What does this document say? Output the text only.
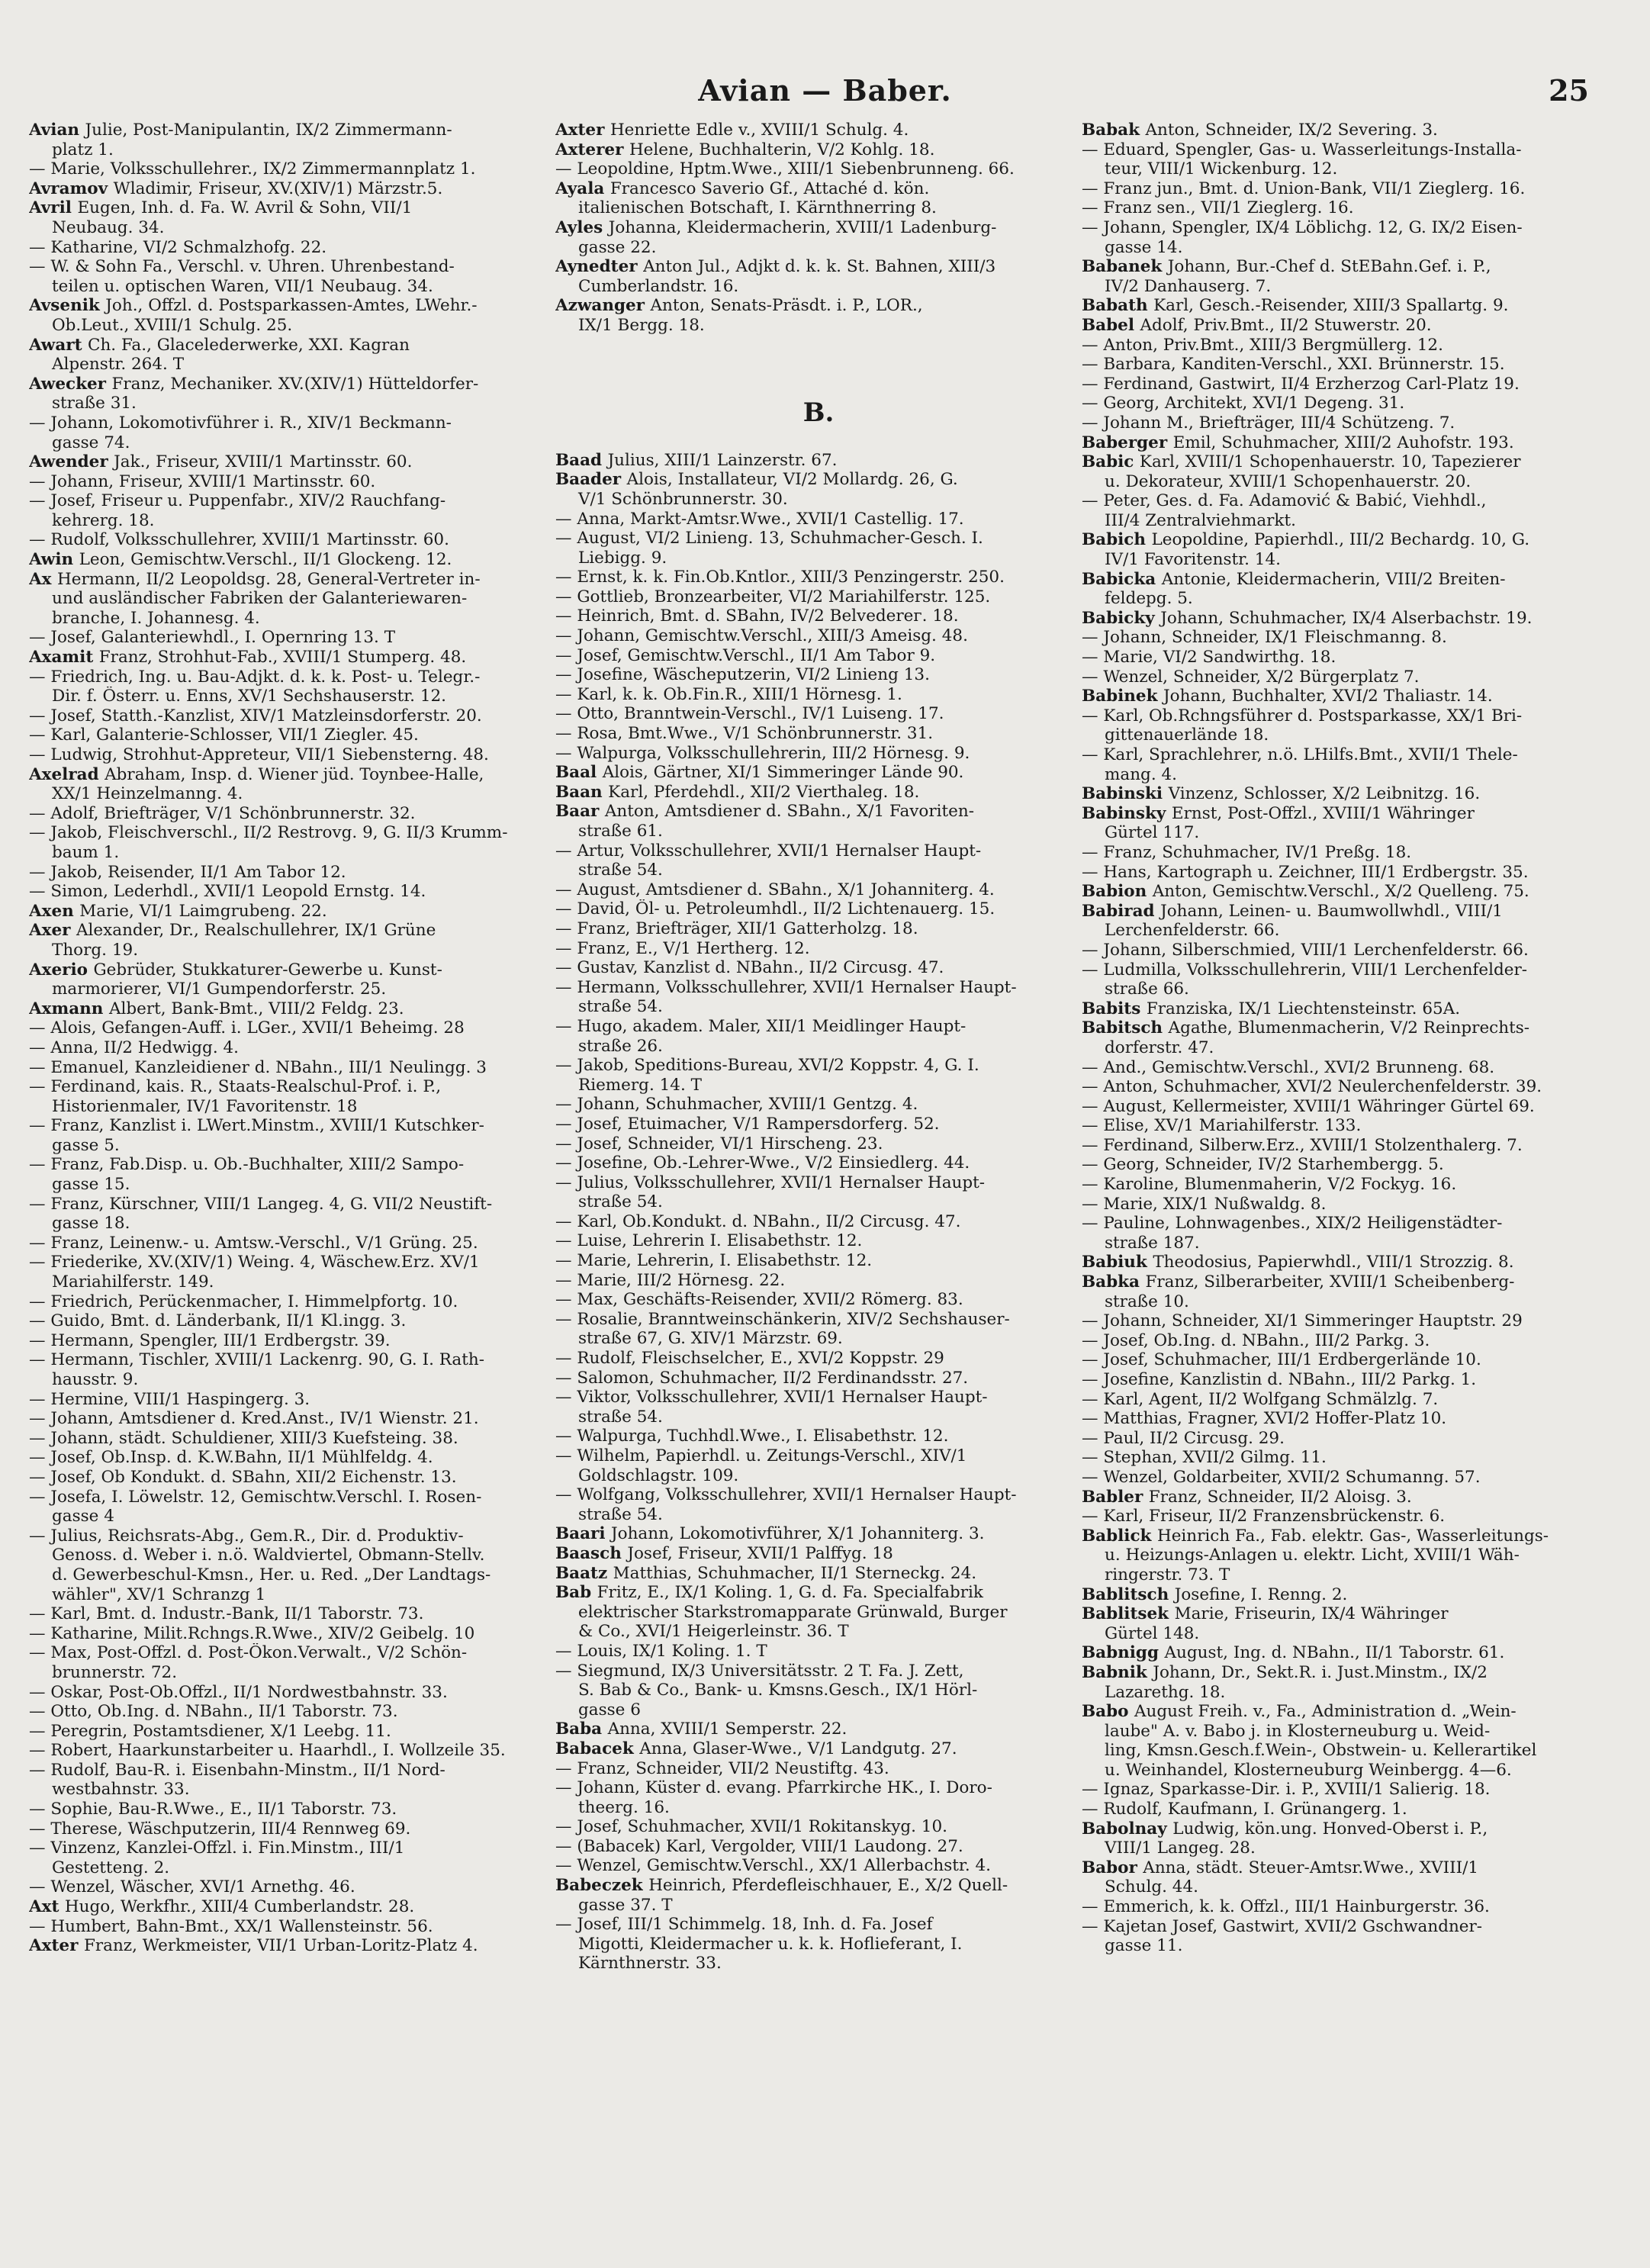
Avian — Baber.	25
Avian Julie, Post-Manipulantin, IX/2 Zimmermann-
platz 1.
— Marie, Volksschullehrer., IX/2 Zimmermannplatz 1.
Avramov Wladimir, Friseur, XV.(XIV/1) Märzstr.5.
Avril Eugen, Inh. d. Fa. W. Avril & Sohn, VII/1
Neubaug. 34.
— Katharine, VI/2 Schmalzhofg. 22.
— W. & Sohn Fa., Verschl. v. Uhren. Uhrenbestand-
teilen u. optischen Waren, VII/1 Neubaug. 34.
Avsenik Joh., Offzl. d. Postsparkassen-Amtes, LWehr.-
Ob.Leut., XVIII/1 Schulg. 25.
Awart Ch. Fa., Glacelederwerke, XXI. Kagran
Alpenstr. 264. T
Awecker Franz, Mechaniker. XV.(XIV/1) Hütteldorfer-
straße 31.
— Johann, Lokomotivführer i. R., XIV/1 Beckmann-
gasse 74.
Awender Jak., Friseur, XVIII/1 Martinsstr. 60.
— Johann, Friseur, XVIII/1 Martinsstr. 60.
— Josef, Friseur u. Puppenfabr., XIV/2 Rauchfang-
kehrerg. 18.
— Rudolf, Volksschullehrer, XVIII/1 Martinsstr. 60.
Awin Leon, Gemischtw.Verschl., II/1 Glockeng. 12.
Ax Hermann, II/2 Leopoldsg. 28, General-Vertreter in-
und ausländischer Fabriken der Galanteriewaren-
branche, I. Johannesg. 4.
— Josef, Galanteriewhdl., I. Opernring 13. T
Axamit Franz, Strohhut-Fab., XVIII/1 Stumperg. 48.
— Friedrich, Ing. u. Bau-Adjkt. d. k. k. Post- u. Telegr.-
Dir. f. Österr. u. Enns, XV/1 Sechshauserstr. 12.
— Josef, Statth.-Kanzlist, XIV/1 Matzleinsdorferstr. 20.
— Karl, Galanterie-Schlosser, VII/1 Ziegler. 45.
— Ludwig, Strohhut-Appreteur, VII/1 Siebensterng. 48.
Axelrad Abraham, Insp. d. Wiener jüd. Toynbee-Halle,
XX/1 Heinzelmanng. 4.
— Adolf, Briefträger, V/1 Schönbrunnerstr. 32.
— Jakob, Fleischverschl., II/2 Restrovg. 9, G. II/3 Krumm-
baum 1.
— Jakob, Reisender, II/1 Am Tabor 12.
— Simon, Lederhdl., XVII/1 Leopold Ernstg. 14.
Axen Marie, VI/1 Laimgrubeng. 22.
Axer Alexander, Dr., Realschullehrer, IX/1 Grüne
Thorg. 19.
Axerio Gebrüder, Stukkaturer-Gewerbe u. Kunst-
marmorierer, VI/1 Gumpendorferstr. 25.
Axmann Albert, Bank-Bmt., VIII/2 Feldg. 23.
— Alois, Gefangen-Auff. i. LGer., XVII/1 Beheimg. 28
— Anna, II/2 Hedwigg. 4.
— Emanuel, Kanzleidiener d. NBahn., III/1 Neulingg. 3
— Ferdinand, kais. R., Staats-Realschul-Prof. i. P.,
Historienmaler, IV/1 Favoritenstr. 18
— Franz, Kanzlist i. LWert.Minstm., XVIII/1 Kutschker-
gasse 5.
— Franz, Fab.Disp. u. Ob.-Buchhalter, XIII/2 Sampo-
gasse 15.
— Franz, Kürschner, VIII/1 Langeg. 4, G. VII/2 Neustift-
gasse 18.
— Franz, Leinenw.- u. Amtsw.-Verschl., V/1 Grüng. 25.
— Friederike, XV.(XIV/1) Weing. 4, Wäschew.Erz. XV/1
Mariahilferstr. 149.
— Friedrich, Perückenmacher, I. Himmelpfortg. 10.
— Guido, Bmt. d. Länderbank, II/1 Kl.ingg. 3.
— Hermann, Spengler, III/1 Erdbergstr. 39.
— Hermann, Tischler, XVIII/1 Lackenrg. 90, G. I. Rath-
hausstr. 9.
— Hermine, VIII/1 Haspingerg. 3.
— Johann, Amtsdiener d. Kred.Anst., IV/1 Wienstr. 21.
— Johann, städt. Schuldiener, XIII/3 Kuefsteing. 38.
— Josef, Ob.Insp. d. K.W.Bahn, II/1 Mühlfeldg. 4.
— Josef, Ob Kondukt. d. SBahn, XII/2 Eichenstr. 13.
— Josefa, I. Löwelstr. 12, Gemischtw.Verschl. I. Rosen-
gasse 4
— Julius, Reichsrats-Abg., Gem.R., Dir. d. Produktiv-
Genoss. d. Weber i. n.ö. Waldviertel, Obmann-Stellv.
d. Gewerbeschul-Kmsn., Her. u. Red. „Der Landtags-
wähler", XV/1 Schranzg 1
— Karl, Bmt. d. Industr.-Bank, II/1 Taborstr. 73.
— Katharine, Milit.Rchngs.R.Wwe., XIV/2 Geibelg. 10
— Max, Post-Offzl. d. Post-Ökon.Verwalt., V/2 Schön-
brunnerstr. 72.
— Oskar, Post-Ob.Offzl., II/1 Nordwestbahnstr. 33.
— Otto, Ob.Ing. d. NBahn., II/1 Taborstr. 73.
— Peregrin, Postamtsdiener, X/1 Leebg. 11.
— Robert, Haarkunstarbeiter u. Haarhdl., I. Wollzeile 35.
— Rudolf, Bau-R. i. Eisenbahn-Minstm., II/1 Nord-
westbahnstr. 33.
— Sophie, Bau-R.Wwe., E., II/1 Taborstr. 73.
— Therese, Wäschputzerin, III/4 Rennweg 69.
— Vinzenz, Kanzlei-Offzl. i. Fin.Minstm., III/1
Gestetteng. 2.
— Wenzel, Wäscher, XVI/1 Arnethg. 46.
Axt Hugo, Werkfhr., XIII/4 Cumberlandstr. 28.
— Humbert, Bahn-Bmt., XX/1 Wallensteinstr. 56.
Axter Franz, Werkmeister, VII/1 Urban-Loritz-Platz 4.
Axter Henriette Edle v., XVIII/1 Schulg. 4.
Axterer Helene, Buchhalterin, V/2 Kohlg. 18.
— Leopoldine, Hptm.Wwe., XIII/1 Siebenbrunneng. 66.
Ayala Francesco Saverio Gf., Attaché d. kön.
italienischen Botschaft, I. Kärnthnerring 8.
Ayles Johanna, Kleidermacherin, XVIII/1 Ladenburg-
gasse 22.
Aynedter Anton Jul., Adjkt d. k. k. St. Bahnen, XIII/3
Cumberlandstr. 16.
Azwanger Anton, Senats-Präsdt. i. P., LOR.,
IX/1 Bergg. 18.

B.
Baad Julius, XIII/1 Lainzerstr. 67.
Baader Alois, Installateur, VI/2 Mollardg. 26, G.
V/1 Schönbrunnerstr. 30.
— Anna, Markt-Amtsr.Wwe., XVII/1 Castellig. 17.
— August, VI/2 Linieng. 13, Schuhmacher-Gesch. I.
Liebigg. 9.
— Ernst, k. k. Fin.Ob.Kntlor., XIII/3 Penzingerstr. 250.
— Gottlieb, Bronzearbeiter, VI/2 Mariahilferstr. 125.
— Heinrich, Bmt. d. SBahn, IV/2 Belvederег. 18.
— Johann, Gemischtw.Verschl., XIII/3 Ameisg. 48.
— Josef, Gemischtw.Verschl., II/1 Am Tabor 9.
— Josefine, Wäscheputzerin, VI/2 Linieng 13.
— Karl, k. k. Ob.Fin.R., XIII/1 Hörnesg. 1.
— Otto, Branntwein-Verschl., IV/1 Luiseng. 17.
— Rosa, Bmt.Wwe., V/1 Schönbrunnerstr. 31.
— Walpurga, Volksschullehrerin, III/2 Hörnesg. 9.
Baal Alois, Gärtner, XI/1 Simmeringer Lände 90.
Baan Karl, Pferdehdl., XII/2 Vierthaleg. 18.
Baar Anton, Amtsdiener d. SBahn., X/1 Favoriten-
straße 61.
— Artur, Volksschullehrer, XVII/1 Hernalser Haupt-
straße 54.
— August, Amtsdiener d. SBahn., X/1 Johanniterg. 4.
— David, Öl- u. Petroleumhdl., II/2 Lichtenauerg. 15.
— Franz, Briefträger, XII/1 Gatterholzg. 18.
— Franz, E., V/1 Hertherg. 12.
— Gustav, Kanzlist d. NBahn., II/2 Circusg. 47.
— Hermann, Volksschullehrer, XVII/1 Hernalser Haupt-
straße 54.
— Hugo, akadem. Maler, XII/1 Meidlinger Haupt-
straße 26.
— Jakob, Speditions-Bureau, XVI/2 Koppstr. 4, G. I.
Riemerg. 14. T
— Johann, Schuhmacher, XVIII/1 Gentzg. 4.
— Josef, Etuimacher, V/1 Rampersdorferg. 52.
— Josef, Schneider, VI/1 Hirscheng. 23.
— Josefine, Ob.-Lehrer-Wwe., V/2 Einsiedlerg. 44.
— Julius, Volksschullehrer, XVII/1 Hernalser Haupt-
straße 54.
— Karl, Ob.Kondukt. d. NBahn., II/2 Circusg. 47.
— Luise, Lehrerin I. Elisabethstr. 12.
— Marie, Lehrerin, I. Elisabethstr. 12.
— Marie, III/2 Hörnesg. 22.
— Max, Geschäfts-Reisender, XVII/2 Römerg. 83.
— Rosalie, Branntweinschänkerin, XIV/2 Sechshauser-
straße 67, G. XIV/1 Märzstr. 69.
— Rudolf, Fleischselcher, E., XVI/2 Koppstr. 29
— Salomon, Schuhmacher, II/2 Ferdinandsstr. 27.
— Viktor, Volksschullehrer, XVII/1 Hernalser Haupt-
straße 54.
— Walpurga, Tuchhdl.Wwe., I. Elisabethstr. 12.
— Wilhelm, Papierhdl. u. Zeitungs-Verschl., XIV/1
Goldschlagstr. 109.
— Wolfgang, Volksschullehrer, XVII/1 Hernalser Haupt-
straße 54.
Baari Johann, Lokomotivführer, X/1 Johanniterg. 3.
Baasch Josef, Friseur, XVII/1 Palffyg. 18
Baatz Matthias, Schuhmacher, II/1 Sterneckg. 24.
Bab Fritz, E., IX/1 Koling. 1, G. d. Fa. Specialfabrik
elektrischer Starkstromapparate Grünwald, Burger
& Co., XVI/1 Heigerleinstr. 36. T
— Louis, IX/1 Koling. 1. T
— Siegmund, IX/3 Universitätsstr. 2 T. Fa. J. Zett,
S. Bab & Co., Bank- u. Kmsns.Gesch., IX/1 Hörl-
gasse 6
Baba Anna, XVIII/1 Semperstr. 22.
Babacek Anna, Glaser-Wwe., V/1 Landgutg. 27.
— Franz, Schneider, VII/2 Neustiftg. 43.
— Johann, Küster d. evang. Pfarrkirche HK., I. Doro-
theerg. 16.
— Josef, Schuhmacher, XVII/1 Rokitanskyg. 10.
— (Babacek) Karl, Vergolder, VIII/1 Laudong. 27.
— Wenzel, Gemischtw.Verschl., XX/1 Allerbachstr. 4.
Babeczek Heinrich, Pferdefleischhauer, E., X/2 Quell-
gasse 37. T
— Josef, III/1 Schimmelg. 18, Inh. d. Fa. Josef
Migotti, Kleidermacher u. k. k. Hoflieferant, I.
Kärnthnerstr. 33.
Babak Anton, Schneider, IX/2 Severing. 3.
— Eduard, Spengler, Gas- u. Wasserleitungs-Installa-
teur, VIII/1 Wickenburg. 12.
— Franz jun., Bmt. d. Union-Bank, VII/1 Zieglerg. 16.
— Franz sen., VII/1 Zieglerg. 16.
— Johann, Spengler, IX/4 Löblichg. 12, G. IX/2 Eisen-
gasse 14.
Babanek Johann, Bur.-Chef d. StEBahn.Gef. i. P.,
IV/2 Danhauserg. 7.
Babath Karl, Gesch.-Reisender, XIII/3 Spallartg. 9.
Babel Adolf, Priv.Bmt., II/2 Stuwerstr. 20.
— Anton, Priv.Bmt., XIII/3 Bergmüllerg. 12.
— Barbara, Kanditen-Verschl., XXI. Brünnerstr. 15.
— Ferdinand, Gastwirt, II/4 Erzherzog Carl-Platz 19.
— Georg, Architekt, XVI/1 Degeng. 31.
— Johann M., Briefträger, III/4 Schützeng. 7.
Baberger Emil, Schuhmacher, XIII/2 Auhofstr. 193.
Babic Karl, XVIII/1 Schopenhauerstr. 10, Tapezierer
u. Dekorateur, XVIII/1 Schopenhauerstr. 20.
— Peter, Ges. d. Fa. Adamović & Babić, Viehhdl.,
III/4 Zentralviehmarkt.
Babich Leopoldine, Papierhdl., III/2 Bechardg. 10, G.
IV/1 Favoritenstr. 14.
Babicka Antonie, Kleidermacherin, VIII/2 Breiten-
feldерg. 5.
Babicky Johann, Schuhmacher, IX/4 Alserbachstr. 19.
— Johann, Schneider, IX/1 Fleischmanng. 8.
— Marie, VI/2 Sandwirthg. 18.
— Wenzel, Schneider, X/2 Bürgerplatz 7.
Babinek Johann, Buchhalter, XVI/2 Thaliastr. 14.
— Karl, Ob.Rchngsführer d. Postsparkasse, XX/1 Bri-
gittenauerlände 18.
— Karl, Sprachlehrer, n.ö. LHilfs.Bmt., XVII/1 Thele-
mang. 4.
Babinski Vinzenz, Schlosser, X/2 Leibnitzg. 16.
Babinsky Ernst, Post-Offzl., XVIII/1 Währinger
Gürtel 117.
— Franz, Schuhmacher, IV/1 Preßg. 18.
— Hans, Kartograph u. Zeichner, III/1 Erdbergstr. 35.
Babion Anton, Gemischtw.Verschl., X/2 Quelleng. 75.
Babirad Johann, Leinen- u. Baumwollwhdl., VIII/1
Lerchenfelderstr. 66.
— Johann, Silberschmied, VIII/1 Lerchenfelderstr. 66.
— Ludmilla, Volksschullehrerin, VIII/1 Lerchenfelder-
straße 66.
Babits Franziska, IX/1 Liechtensteinstr. 65A.
Babitsch Agathe, Blumenmacherin, V/2 Reinprechts-
dorferstr. 47.
— And., Gemischtw.Verschl., XVI/2 Brunneng. 68.
— Anton, Schuhmacher, XVI/2 Neulerchenfelderstr. 39.
— August, Kellermeister, XVIII/1 Währinger Gürtel 69.
— Elise, XV/1 Mariahilferstr. 133.
— Ferdinand, Silberw.Erz., XVIII/1 Stolzenthalerg. 7.
— Georg, Schneider, IV/2 Starhembergg. 5.
— Karoline, Blumenmaherin, V/2 Fockyg. 16.
— Marie, XIX/1 Nußwaldg. 8.
— Pauline, Lohnwagenbes., XIX/2 Heiligenstädter-
straße 187.
Babiuk Theodosius, Papierwhdl., VIII/1 Strozzig. 8.
Babka Franz, Silberarbeiter, XVIII/1 Scheibenberg-
straße 10.
— Johann, Schneider, XI/1 Simmeringer Hauptstr. 29
— Josef, Ob.Ing. d. NBahn., III/2 Parkg. 3.
— Josef, Schuhmacher, III/1 Erdbergerlände 10.
— Josefine, Kanzlistin d. NBahn., III/2 Parkg. 1.
— Karl, Agent, II/2 Wolfgang Schmälzlg. 7.
— Matthias, Fragner, XVI/2 Hoffer-Platz 10.
— Paul, II/2 Circusg. 29.
— Stephan, XVII/2 Gilmg. 11.
— Wenzel, Goldarbeiter, XVII/2 Schumanng. 57.
Babler Franz, Schneider, II/2 Aloisg. 3.
— Karl, Friseur, II/2 Franzensbrückenstr. 6.
Bablick Heinrich Fa., Fab. elektr. Gas-, Wasserleitungs-
u. Heizungs-Anlagen u. elektr. Licht, XVIII/1 Wäh-
ringerstr. 73. T
Bablitsch Josefine, I. Renng. 2.
Bablitsek Marie, Friseurin, IX/4 Währinger
Gürtel 148.
Babnigg August, Ing. d. NBahn., II/1 Taborstr. 61.
Babnik Johann, Dr., Sekt.R. i. Just.Minstm., IX/2
Lazarethg. 18.
Babo August Freih. v., Fa., Administration d. „Wein-
laube" A. v. Babo j. in Klosterneuburg u. Weid-
ling, Kmsn.Gesch.f.Wein-, Obstwein- u. Kellerartikel
u. Weinhandel, Klosterneuburg Weinbergg. 4—6.
— Ignaz, Sparkasse-Dir. i. P., XVIII/1 Salierig. 18.
— Rudolf, Kaufmann, I. Grünangerg. 1.
Babolnay Ludwig, kön.ung. Honved-Oberst i. P.,
VIII/1 Langeg. 28.
Babor Anna, städt. Steuer-Amtsr.Wwe., XVIII/1
Schulg. 44.
— Emmerich, k. k. Offzl., III/1 Hainburgerstr. 36.
— Kajetan Josef, Gastwirt, XVII/2 Gschwandner-
gasse 11.
